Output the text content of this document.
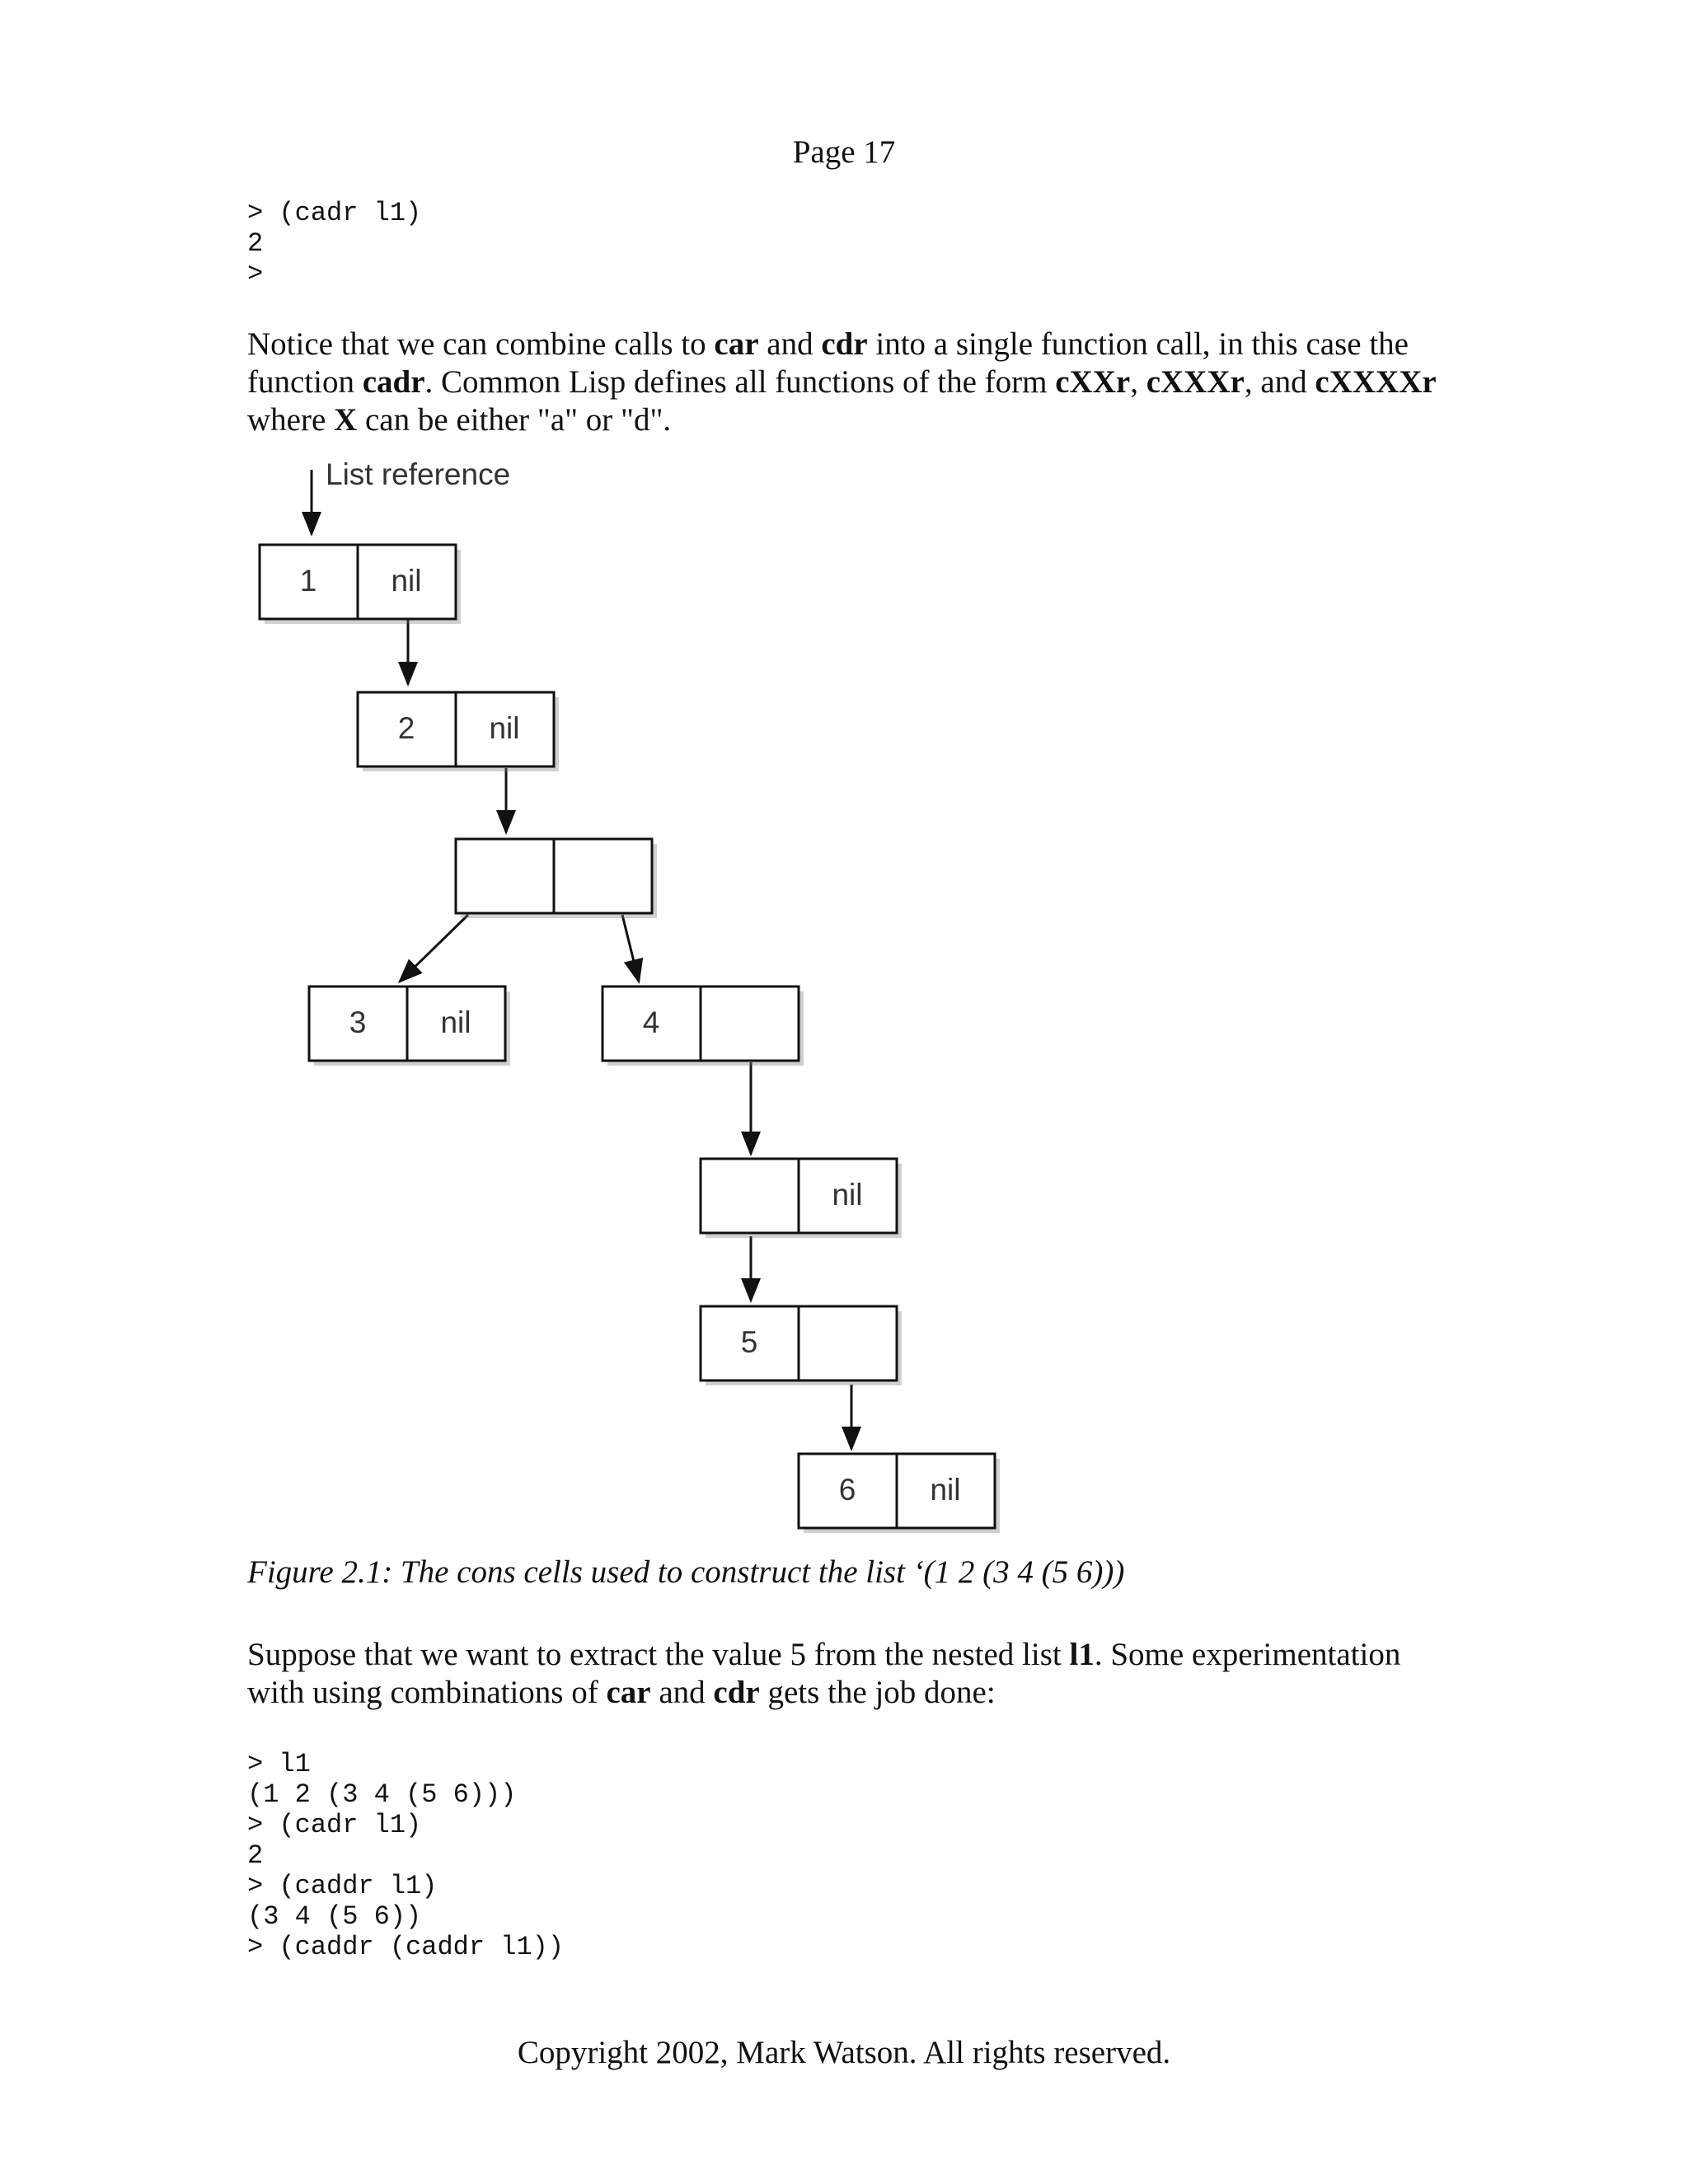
Page 17
> (cadr l1)
2
>

Notice that we can combine calls to car and cdr into a single function call, in this case the function cadr. Common Lisp defines all functions of the form cXXr, cXXXr, and cXXXXr where X can be either "a" or "d".

List reference
1 nil
2 nil
3 nil	4
nil
5
6 nil
Figure 2.1: The cons cells used to construct the list ‘(1 2 (3 4 (5 6)))

Suppose that we want to extract the value 5 from the nested list l1. Some experimentation with using combinations of car and cdr gets the job done:

> l1
(1 2 (3 4 (5 6)))
> (cadr l1)
2
> (caddr l1)
(3 4 (5 6))
> (caddr (caddr l1))
Copyright 2002, Mark Watson. All rights reserved.
